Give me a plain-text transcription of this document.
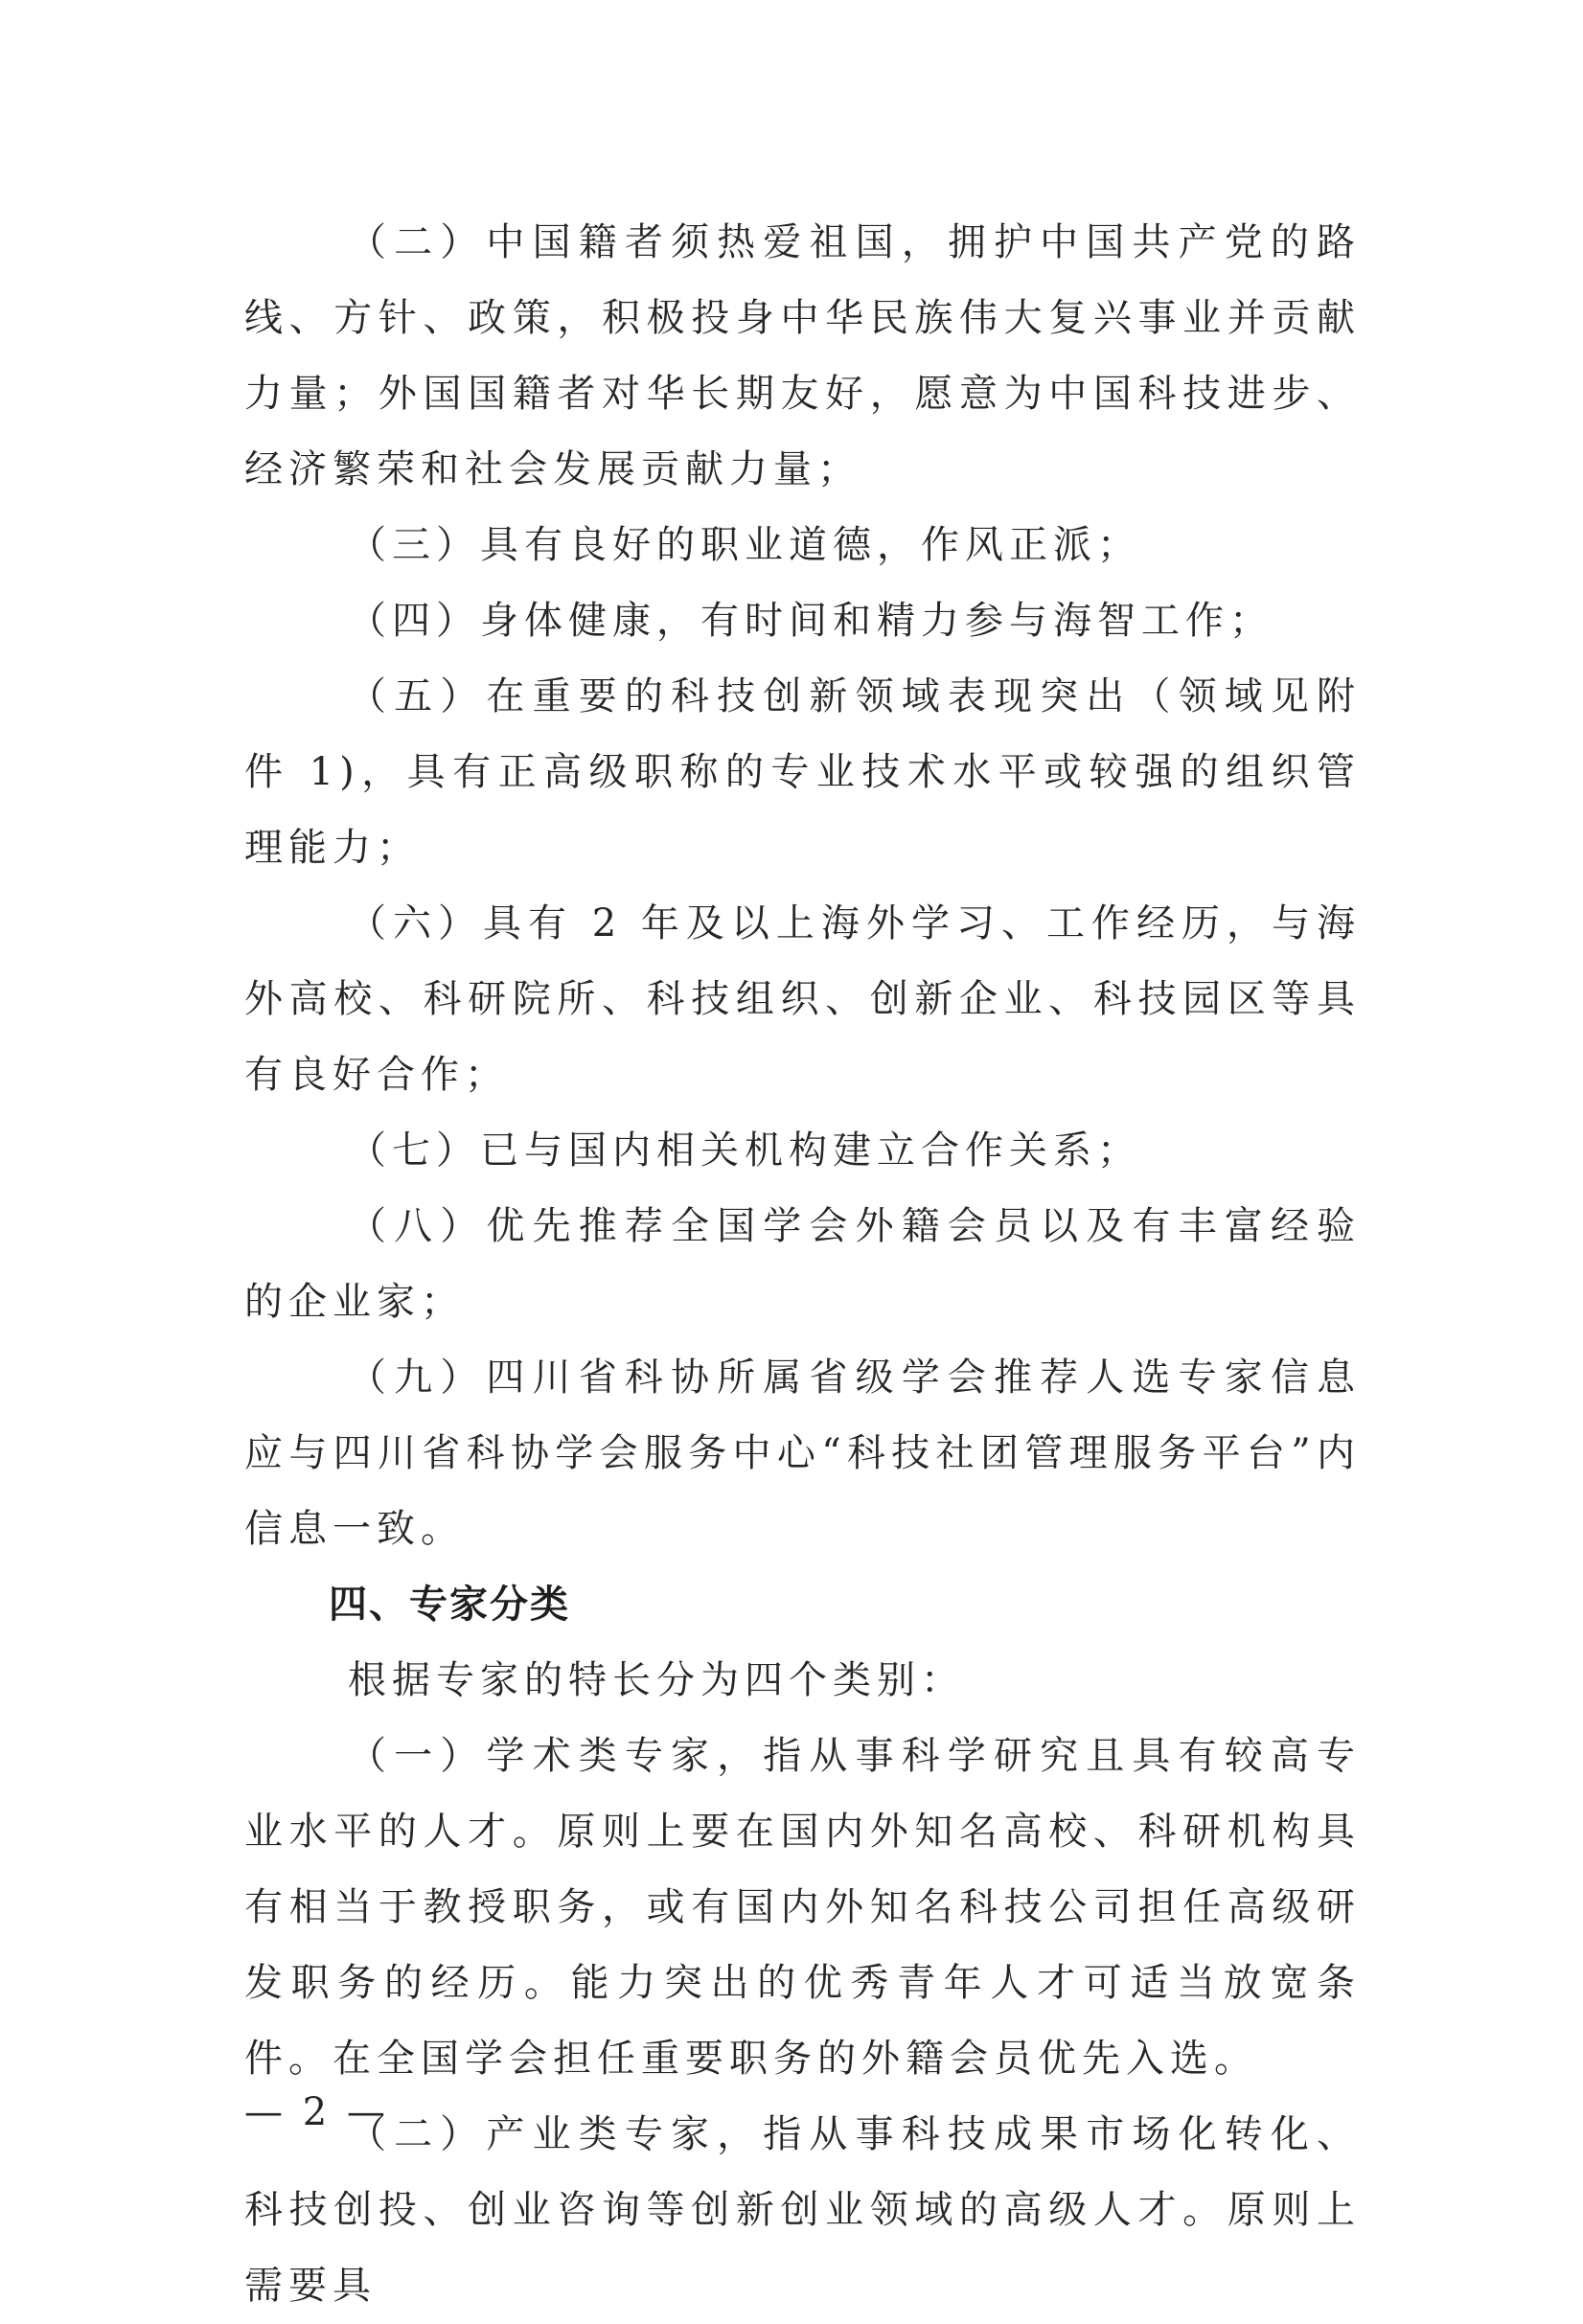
（二）中国籍者须热爱祖国，拥护中国共产党的路线、方针、政策，积极投身中华民族伟大复兴事业并贡献力量；外国国籍者对华长期友好，愿意为中国科技进步、经济繁荣和社会发展贡献力量；

（三）具有良好的职业道德，作风正派；

（四）身体健康，有时间和精力参与海智工作；

（五）在重要的科技创新领域表现突出（领域见附件 1)，具有正高级职称的专业技术水平或较强的组织管理能力；

（六）具有 2 年及以上海外学习、工作经历，与海外高校、科研院所、科技组织、创新企业、科技园区等具有良好合作；

（七）已与国内相关机构建立合作关系；

（八）优先推荐全国学会外籍会员以及有丰富经验的企业家；

（九）四川省科协所属省级学会推荐人选专家信息应与四川省科协学会服务中心“科技社团管理服务平台”内信息一致。

四、专家分类

根据专家的特长分为四个类别：

（一）学术类专家，指从事科学研究且具有较高专业水平的人才。原则上要在国内外知名高校、科研机构具有相当于教授职务，或有国内外知名科技公司担任高级研发职务的经历。能力突出的优秀青年人才可适当放宽条件。在全国学会担任重要职务的外籍会员优先入选。

（二）产业类专家，指从事科技成果市场化转化、科技创投、创业咨询等创新创业领域的高级人才。原则上需要具

— 2 —
